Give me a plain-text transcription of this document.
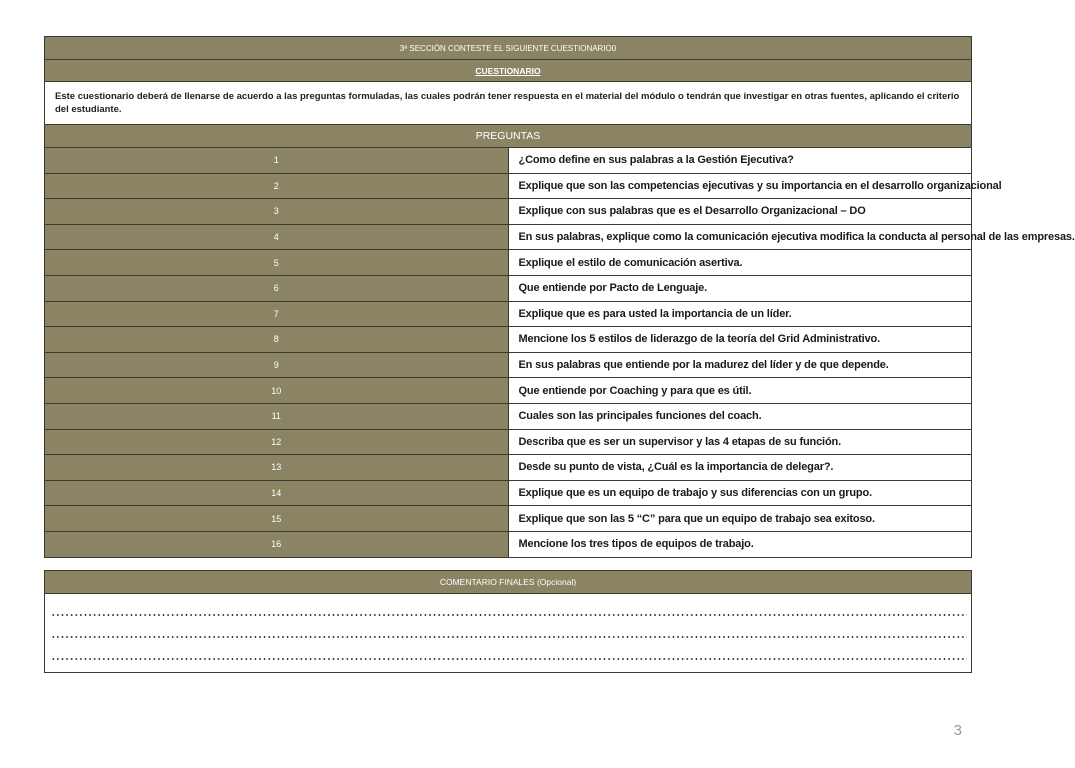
3ª SECCIÓN CONTESTE EL SIGUIENTE CUESTIONARIO0	
CUESTIONARIO	
Este cuestionario deberá de llenarse de acuerdo a las preguntas formuladas, las cuales podrán tener respuesta en el material del módulo o tendrán que investigar en otras fuentes, aplicando el criterio del estudiante.	
PREGUNTAS	
1	¿Como define en sus palabras a la Gestión Ejecutiva?
2	Explique que son las competencias ejecutivas y su importancia en el desarrollo organizacional
3	Explique con sus palabras que es el Desarrollo Organizacional – DO
4	En sus palabras, explique como la comunicación ejecutiva modifica la conducta al personal de las empresas.
5	Explique el estilo de comunicación asertiva.
6	Que entiende por Pacto de Lenguaje.
7	Explique que es para usted la importancia de un líder.
8	Mencione los 5 estilos de liderazgo de la teoría del Grid Administrativo.
9	En sus palabras que entiende por la madurez del líder y de que depende.
10	Que entiende por Coaching y para que es útil.
11	Cuales son las principales funciones del coach.
12	Describa que es ser un supervisor y las 4 etapas de su función.
13	Desde su punto de vista, ¿Cuál es la importancia de delegar?.
14	Explique que es un equipo de trabajo y sus diferencias con un grupo.
15	Explique que son las 5 “C” para que un equipo de trabajo sea exitoso.
16	Mencione los tres tipos de equipos de trabajo.
COMENTARIO FINALES (Opcional)

3
